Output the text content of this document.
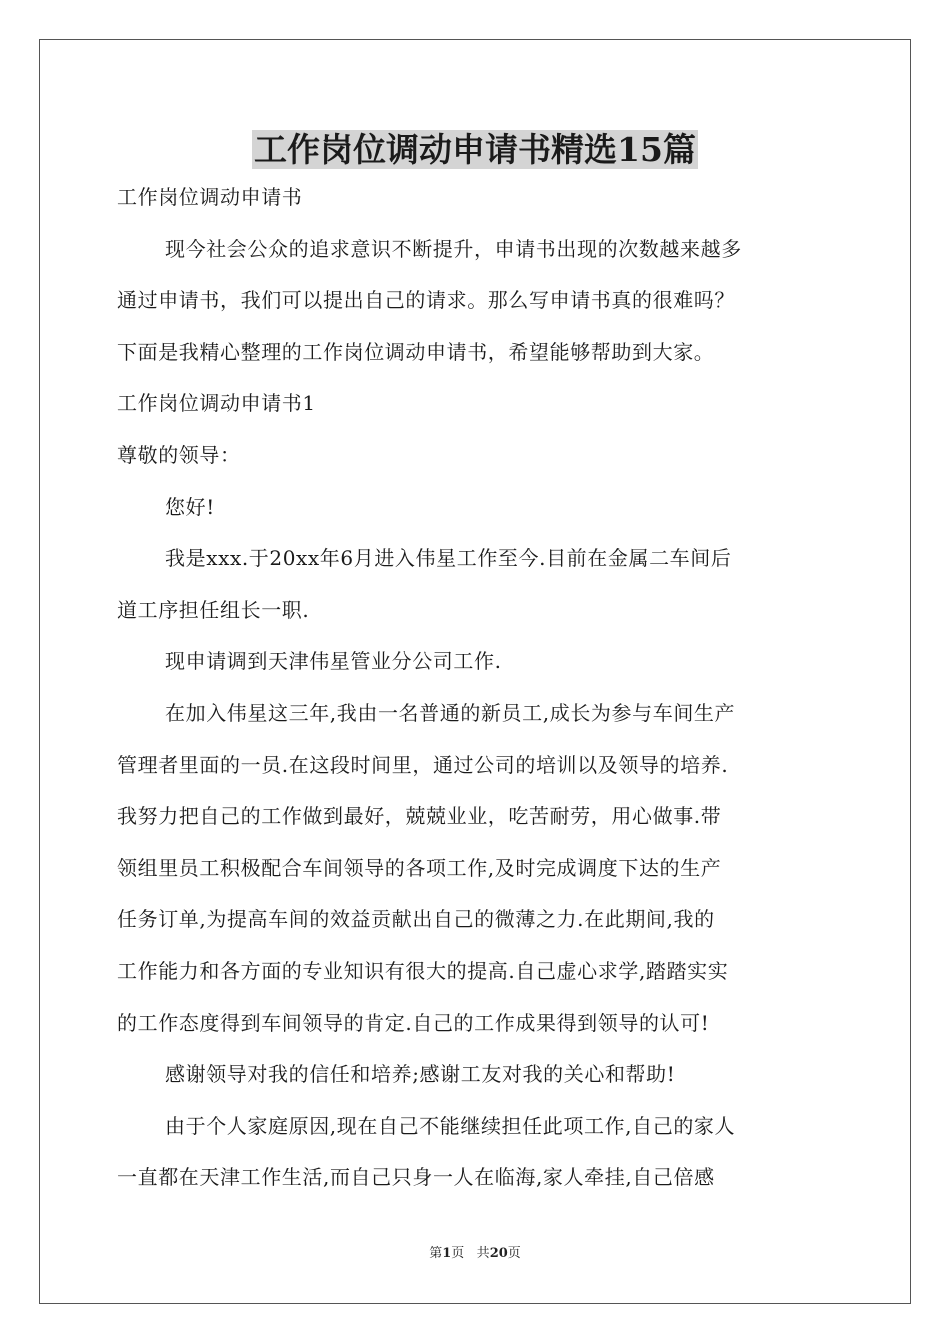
工作岗位调动申请书精选15篇
工作岗位调动申请书
现今社会公众的追求意识不断提升，申请书出现的次数越来越多
通过申请书，我们可以提出自己的请求。那么写申请书真的很难吗？
下面是我精心整理的工作岗位调动申请书，希望能够帮助到大家。
工作岗位调动申请书1
尊敬的领导：
您好!
我是xxx.于20xx年6月进入伟星工作至今.目前在金属二车间后
道工序担任组长一职.
现申请调到天津伟星管业分公司工作.
在加入伟星这三年,我由一名普通的新员工,成长为参与车间生产
管理者里面的一员.在这段时间里，通过公司的培训以及领导的培养.
我努力把自己的工作做到最好，兢兢业业，吃苦耐劳，用心做事.带
领组里员工积极配合车间领导的各项工作,及时完成调度下达的生产
任务订单,为提高车间的效益贡献出自己的微薄之力.在此期间,我的
工作能力和各方面的专业知识有很大的提高.自己虚心求学,踏踏实实
的工作态度得到车间领导的肯定.自己的工作成果得到领导的认可!
感谢领导对我的信任和培养;感谢工友对我的关心和帮助!
由于个人家庭原因,现在自己不能继续担任此项工作,自己的家人
一直都在天津工作生活,而自己只身一人在临海,家人牵挂,自己倍感
第1页 共20页
